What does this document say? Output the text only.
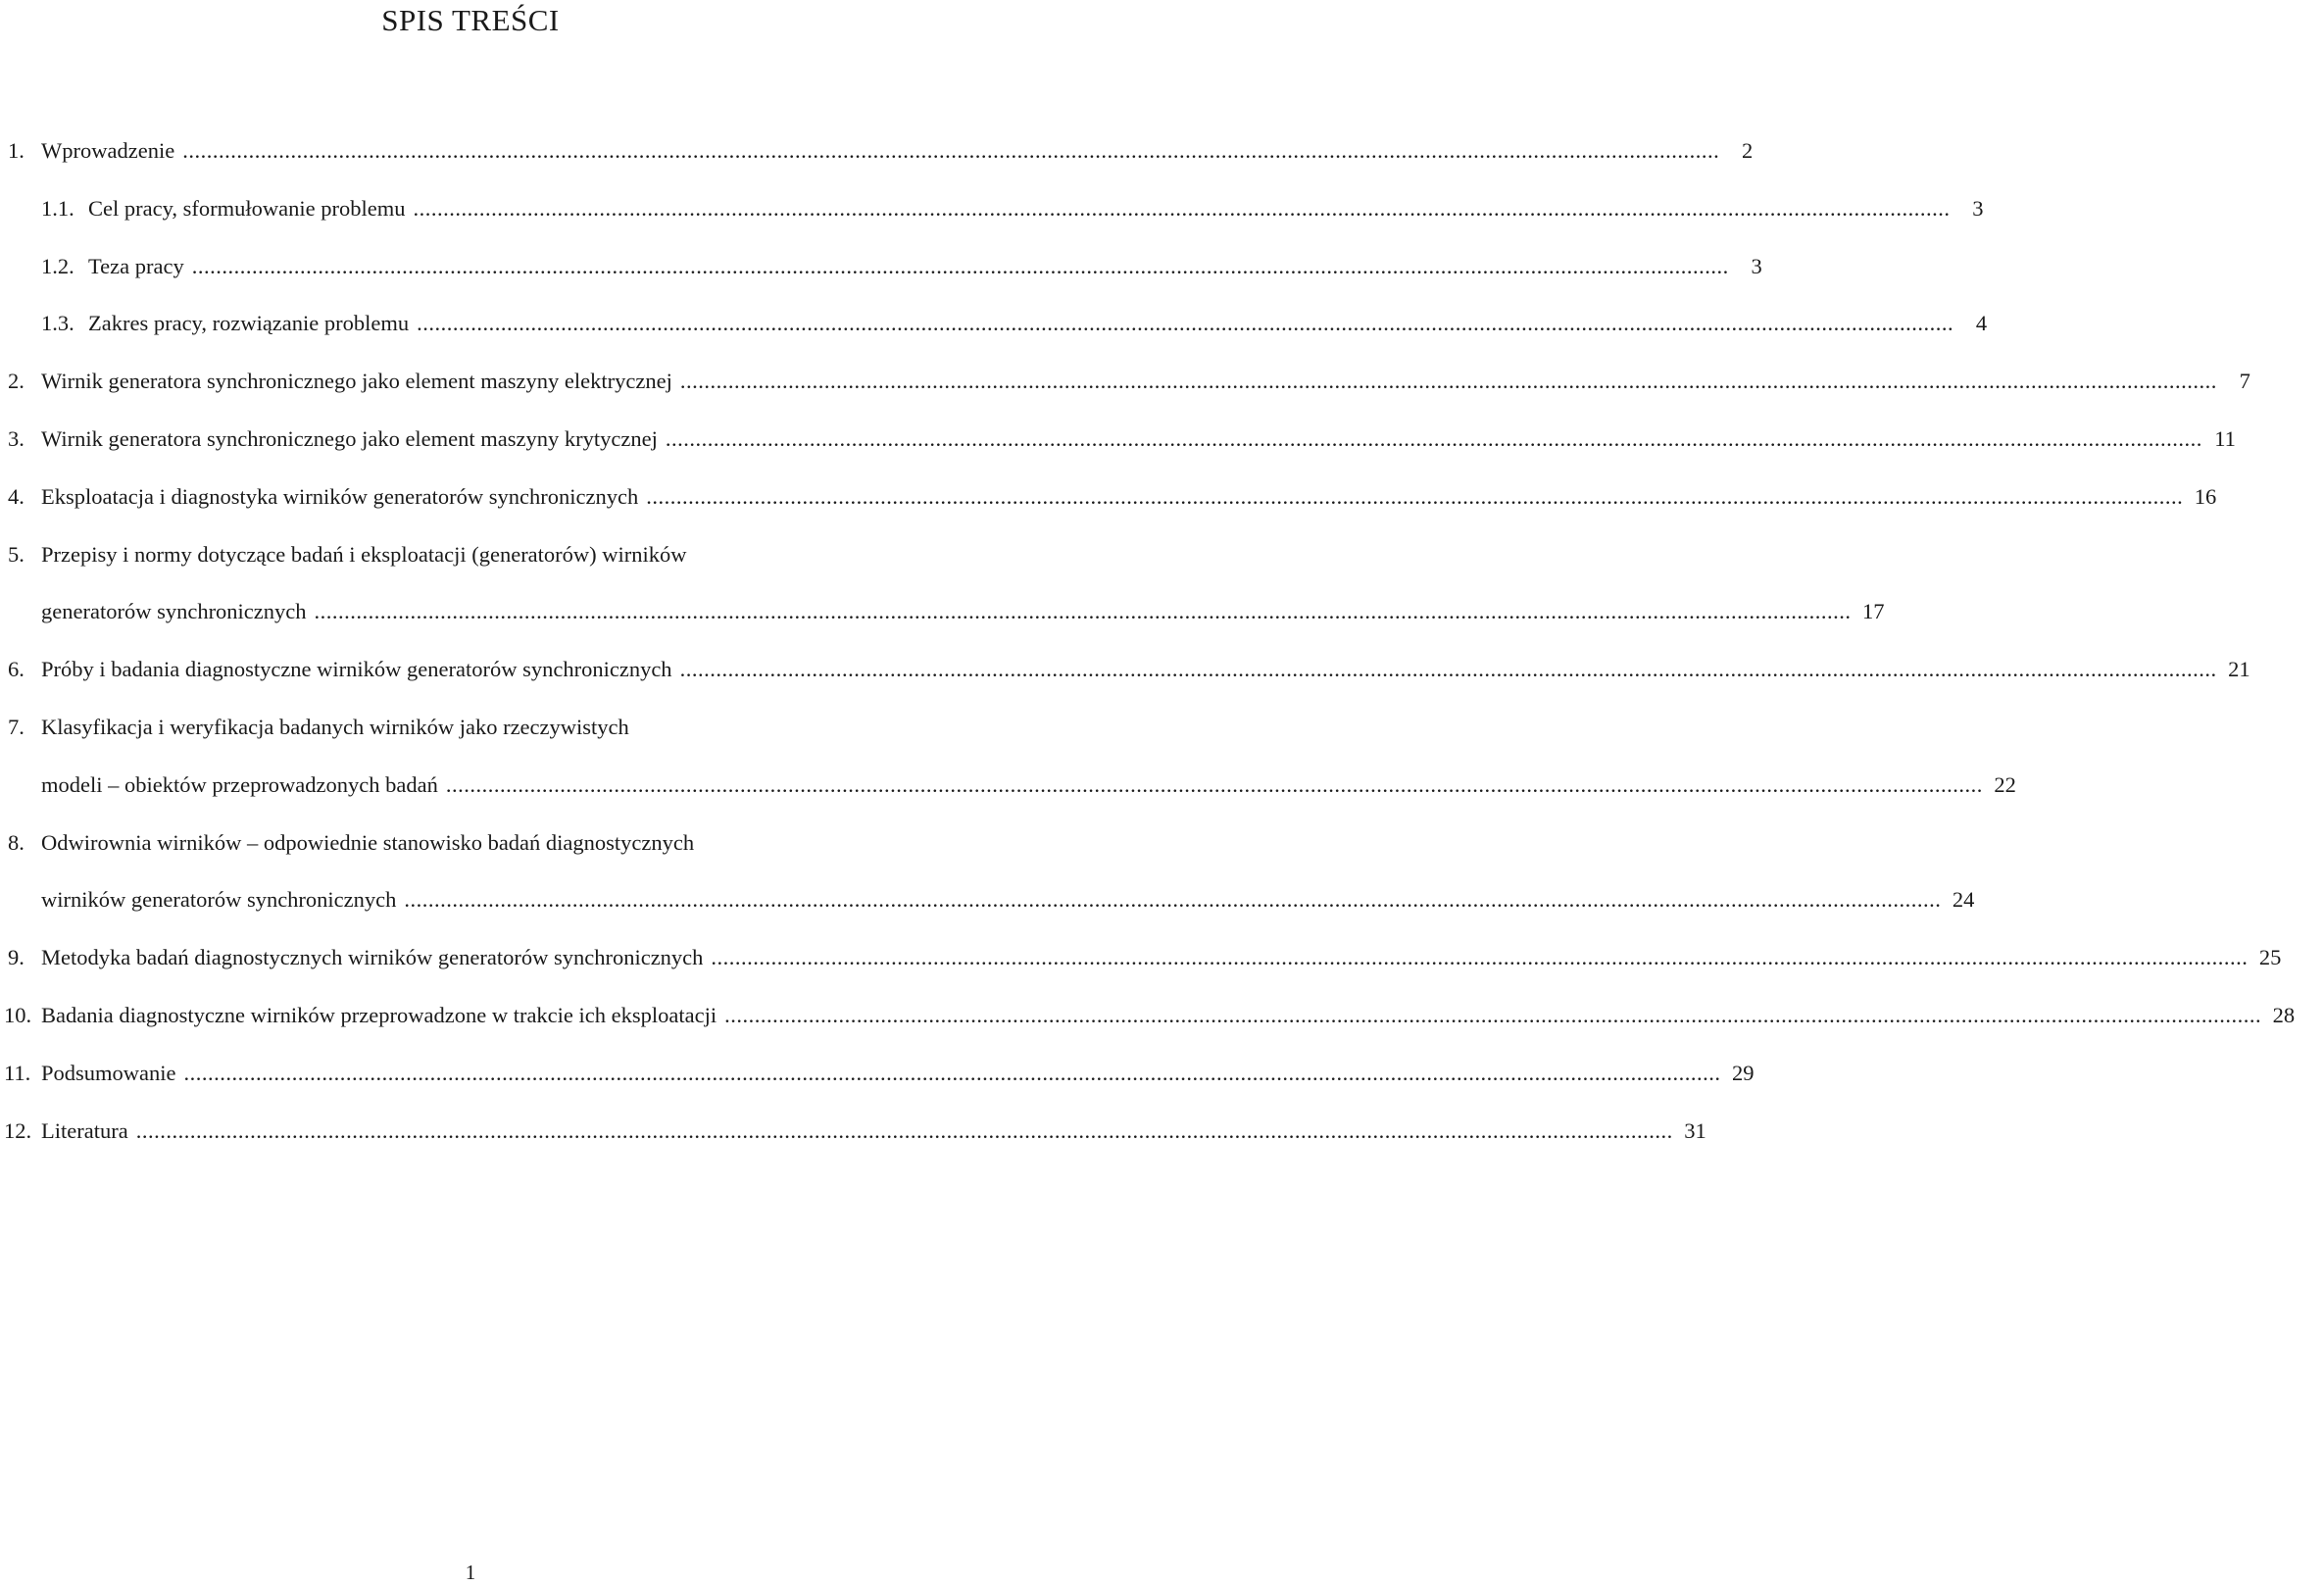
SPIS TREŚCI
1. Wprowadzenie .....	2
1.1. Cel pracy, sformułowanie problemu .....	3
1.2. Teza pracy .....	3
1.3. Zakres pracy, rozwiązanie problemu .....	4
2. Wirnik generatora synchronicznego jako element maszyny elektrycznej .....	7
3. Wirnik generatora synchronicznego jako element maszyny krytycznej .....	11
4. Eksploatacja i diagnostyka wirników generatorów synchronicznych .....	16
5. Przepisy i normy dotyczące badań i eksploatacji (generatorów) wirników
generatorów synchronicznych .....	17
6. Próby i badania diagnostyczne wirników generatorów synchronicznych .....	21
7. Klasyfikacja i weryfikacja badanych wirników jako rzeczywistych
modeli – obiektów przeprowadzonych badań .....	22
8. Odwirownia wirników – odpowiednie stanowisko badań diagnostycznych
wirników generatorów synchronicznych .....	24
9. Metodyka badań diagnostycznych wirników generatorów synchronicznych .....	25
10. Badania diagnostyczne wirników przeprowadzone w trakcie ich eksploatacji .....	28
11. Podsumowanie .....	29
12. Literatura .....	31
1
